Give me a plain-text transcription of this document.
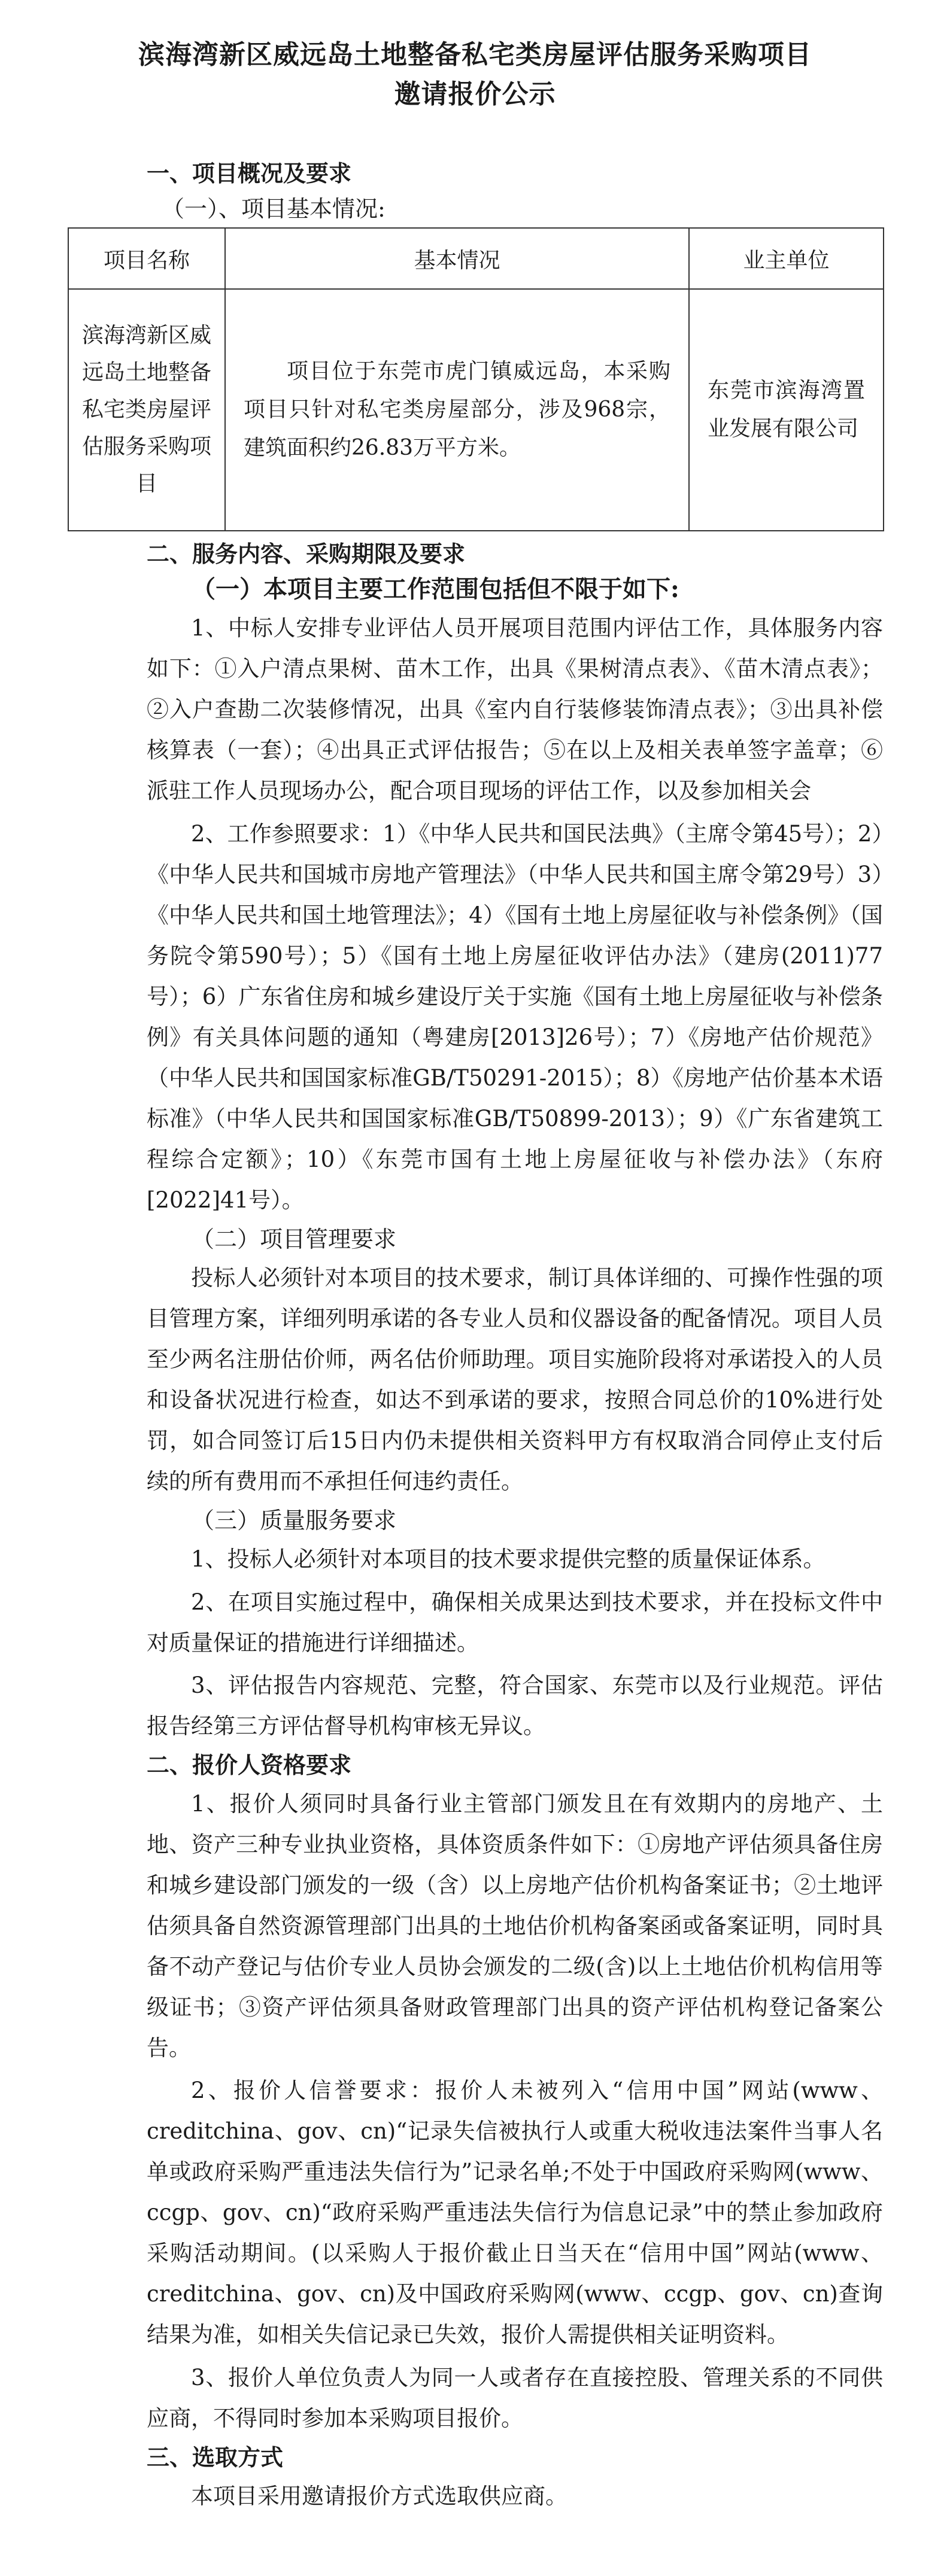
滨海湾新区威远岛土地整备私宅类房屋评估服务采购项目
邀请报价公示
一、项目概况及要求
（一）、项目基本情况:
项目名称	基本情况	业主单位
滨海湾新区威远岛土地整备私宅类房屋评估服务采购项目	项目位于东莞市虎门镇威远岛，本采购项目只针对私宅类房屋部分，涉及968宗，建筑面积约26.83万平方米。	东莞市滨海湾置业发展有限公司
二、服务内容、采购期限及要求
（一）本项目主要工作范围包括但不限于如下:

1、中标人安排专业评估人员开展项目范围内评估工作，具体服务内容如下：①入户清点果树、苗木工作，出具《果树清点表》、《苗木清点表》；②入户查勘二次装修情况，出具《室内自行装修装饰清点表》；③出具补偿核算表（一套）；④出具正式评估报告；⑤在以上及相关表单签字盖章；⑥派驻工作人员现场办公，配合项目现场的评估工作，以及参加相关会

2、工作参照要求：1）《中华人民共和国民法典》（主席令第45号）；2）《中华人民共和国城市房地产管理法》（中华人民共和国主席令第29号）3）《中华人民共和国土地管理法》；4）《国有土地上房屋征收与补偿条例》（国务院令第590号）；5）《国有土地上房屋征收评估办法》（建房(2011)77号）；6）广东省住房和城乡建设厅关于实施《国有土地上房屋征收与补偿条例》有关具体问题的通知（粤建房[2013]26号）；7）《房地产估价规范》（中华人民共和国国家标准GB/T50291-2015）；8）《房地产估价基本术语标准》（中华人民共和国国家标准GB/T50899-2013）；9）《广东省建筑工程综合定额》；10）《东莞市国有土地上房屋征收与补偿办法》（东府[2022]41号）。

（二）项目管理要求

投标人必须针对本项目的技术要求，制订具体详细的、可操作性强的项目管理方案，详细列明承诺的各专业人员和仪器设备的配备情况。项目人员至少两名注册估价师，两名估价师助理。项目实施阶段将对承诺投入的人员和设备状况进行检查，如达不到承诺的要求，按照合同总价的10%进行处罚，如合同签订后15日内仍未提供相关资料甲方有权取消合同停止支付后续的所有费用而不承担任何违约责任。

（三）质量服务要求

1、投标人必须针对本项目的技术要求提供完整的质量保证体系。

2、在项目实施过程中，确保相关成果达到技术要求，并在投标文件中对质量保证的措施进行详细描述。

3、评估报告内容规范、完整，符合国家、东莞市以及行业规范。评估报告经第三方评估督导机构审核无异议。

二、报价人资格要求

1、报价人须同时具备行业主管部门颁发且在有效期内的房地产、土地、资产三种专业执业资格，具体资质条件如下：①房地产评估须具备住房和城乡建设部门颁发的一级（含）以上房地产估价机构备案证书；②土地评估须具备自然资源管理部门出具的土地估价机构备案函或备案证明，同时具备不动产登记与估价专业人员协会颁发的二级(含)以上土地估价机构信用等级证书；③资产评估须具备财政管理部门出具的资产评估机构登记备案公告。

2、报价人信誉要求：报价人未被列入“信用中国”网站(www、creditchina、gov、cn)“记录失信被执行人或重大税收违法案件当事人名单或政府采购严重违法失信行为”记录名单;不处于中国政府采购网(www、ccgp、gov、cn)“政府采购严重违法失信行为信息记录”中的禁止参加政府采购活动期间。(以采购人于报价截止日当天在“信用中国”网站(www、creditchina、gov、cn)及中国政府采购网(www、ccgp、gov、cn)查询结果为准，如相关失信记录已失效，报价人需提供相关证明资料。

3、报价人单位负责人为同一人或者存在直接控股、管理关系的不同供应商，不得同时参加本采购项目报价。

三、选取方式

本项目采用邀请报价方式选取供应商。
